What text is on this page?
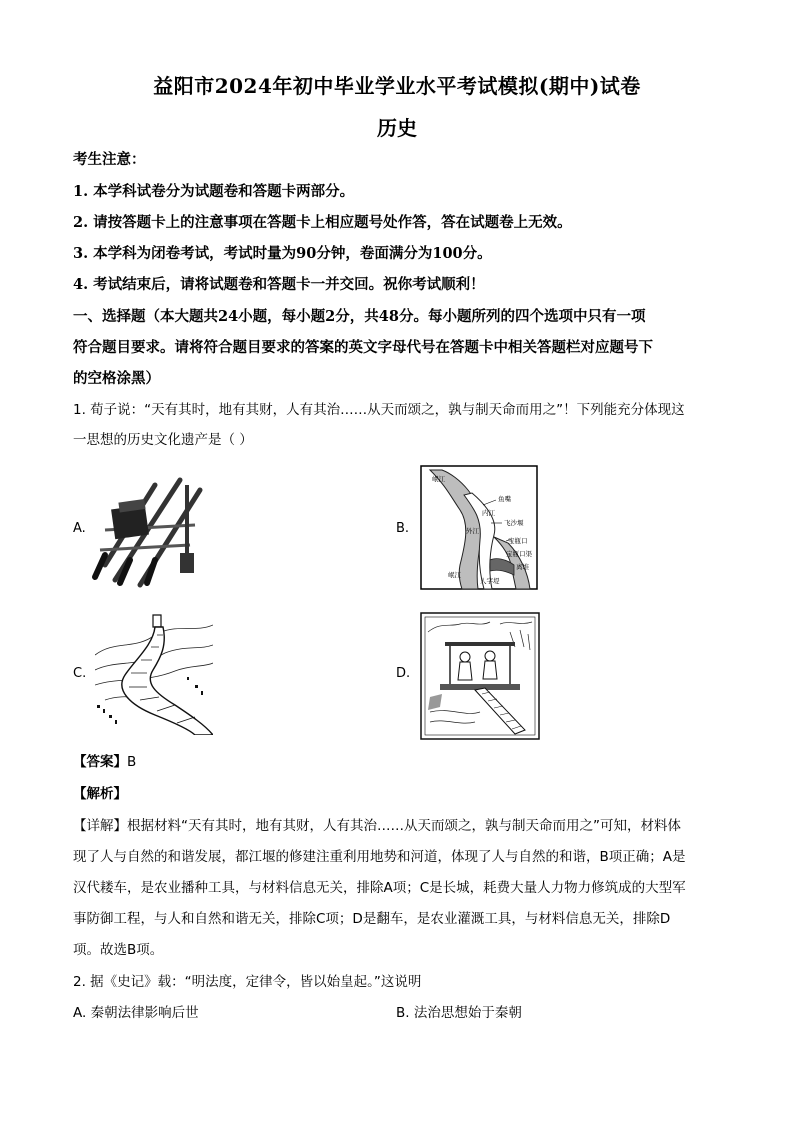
益阳市2024年初中毕业学业水平考试模拟(期中)试卷
历史
考生注意：
1. 本学科试卷分为试题卷和答题卡两部分。
2. 请按答题卡上的注意事项在答题卡上相应题号处作答，答在试题卷上无效。
3. 本学科为闭卷考试，考试时量为90分钟，卷面满分为100分。
4. 考试结束后，请将试题卷和答题卡一并交回。祝你考试顺利！
一、选择题（本大题共24小题，每小题2分，共48分。每小题所列的四个选项中只有一项
符合题目要求。请将符合题目要求的答案的英文字母代号在答题卡中相关答题栏对应题号下
的空格涂黑）
1. 荀子说：“天有其时，地有其财，人有其治……从天而颂之，孰与制天命而用之”！下列能充分体现这
一思想的历史文化遗产是（ ）
A.	B.
岷江
鱼嘴
外江
内江
飞沙堰
宝瓶口
宝瓶口渠
离堆
岷江
人字堤
C.	D.
【答案】B
【解析】
【详解】根据材料“天有其时，地有其财，人有其治……从天而颂之，孰与制天命而用之”可知，材料体
现了人与自然的和谐发展，都江堰的修建注重利用地势和河道，体现了人与自然的和谐，B项正确；A是
汉代耧车，是农业播种工具，与材料信息无关，排除A项；C是长城，耗费大量人力物力修筑成的大型军
事防御工程，与人和自然和谐无关，排除C项；D是翻车，是农业灌溉工具，与材料信息无关，排除D
项。故选B项。
2. 据《史记》载：“明法度，定律令，皆以始皇起。”这说明
A. 秦朝法律影响后世	B. 法治思想始于秦朝
